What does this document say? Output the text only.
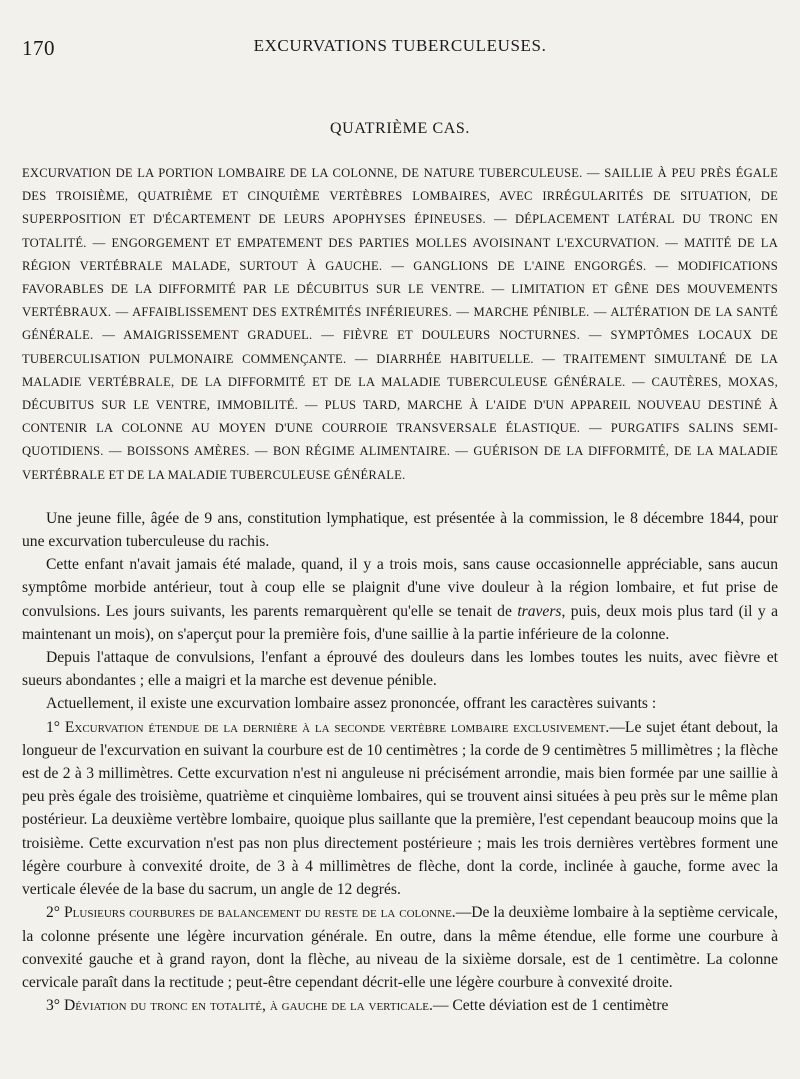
170	EXCURVATIONS TUBERCULEUSES.
QUATRIÈME CAS.
EXCURVATION DE LA PORTION LOMBAIRE DE LA COLONNE, DE NATURE TUBERCULEUSE. — SAILLIE À PEU PRÈS ÉGALE DES TROISIÈME, QUATRIÈME ET CINQUIÈME VERTÈBRES LOMBAIRES, AVEC IRRÉGULARITÉS DE SITUATION, DE SUPERPOSITION ET D'ÉCARTEMENT DE LEURS APOPHYSES ÉPINEUSES. — DÉPLACEMENT LATÉRAL DU TRONC EN TOTALITÉ. — ENGORGEMENT ET EMPATEMENT DES PARTIES MOLLES AVOISINANT L'EXCURVATION. — MATITÉ DE LA RÉGION VERTÉBRALE MALADE, SURTOUT À GAUCHE. — GANGLIONS DE L'AINE ENGORGÉS. — MODIFICATIONS FAVORABLES DE LA DIFFORMITÉ PAR LE DÉCUBITUS SUR LE VENTRE. — LIMITATION ET GÊNE DES MOUVEMENTS VERTÉBRAUX. — AFFAIBLISSEMENT DES EXTRÉMITÉS INFÉRIEURES. — MARCHE PÉNIBLE. — ALTÉRATION DE LA SANTÉ GÉNÉRALE. — AMAIGRISSEMENT GRADUEL. — FIÈVRE ET DOULEURS NOCTURNES. — SYMPTÔMES LOCAUX DE TUBERCULISATION PULMONAIRE COMMENÇANTE. — DIARRHÉE HABITUELLE. — TRAITEMENT SIMULTANÉ DE LA MALADIE VERTÉBRALE, DE LA DIFFORMITÉ ET DE LA MALADIE TUBERCULEUSE GÉNÉRALE. — CAUTÈRES, MOXAS, DÉCUBITUS SUR LE VENTRE, IMMOBILITÉ. — PLUS TARD, MARCHE À L'AIDE D'UN APPAREIL NOUVEAU DESTINÉ À CONTENIR LA COLONNE AU MOYEN D'UNE COURROIE TRANSVERSALE ÉLASTIQUE. — PURGATIFS SALINS SEMI-QUOTIDIENS. — BOISSONS AMÈRES. — BON RÉGIME ALIMENTAIRE. — GUÉRISON DE LA DIFFORMITÉ, DE LA MALADIE VERTÉBRALE ET DE LA MALADIE TUBERCULEUSE GÉNÉRALE.

Une jeune fille, âgée de 9 ans, constitution lymphatique, est présentée à la commission, le 8 décembre 1844, pour une excurvation tuberculeuse du rachis.

Cette enfant n'avait jamais été malade, quand, il y a trois mois, sans cause occasionnelle appréciable, sans aucun symptôme morbide antérieur, tout à coup elle se plaignit d'une vive douleur à la région lombaire, et fut prise de convulsions. Les jours suivants, les parents remarquèrent qu'elle se tenait de travers, puis, deux mois plus tard (il y a maintenant un mois), on s'aperçut pour la première fois, d'une saillie à la partie inférieure de la colonne.

Depuis l'attaque de convulsions, l'enfant a éprouvé des douleurs dans les lombes toutes les nuits, avec fièvre et sueurs abondantes ; elle a maigri et la marche est devenue pénible.

Actuellement, il existe une excurvation lombaire assez prononcée, offrant les caractères suivants :

1° Excurvation étendue de la dernière à la seconde vertèbre lombaire exclusivement.—Le sujet étant debout, la longueur de l'excurvation en suivant la courbure est de 10 centimètres ; la corde de 9 centimètres 5 millimètres ; la flèche est de 2 à 3 millimètres. Cette excurvation n'est ni anguleuse ni précisément arrondie, mais bien formée par une saillie à peu près égale des troisième, quatrième et cinquième lombaires, qui se trouvent ainsi situées à peu près sur le même plan postérieur. La deuxième vertèbre lombaire, quoique plus saillante que la première, l'est cependant beaucoup moins que la troisième. Cette excurvation n'est pas non plus directement postérieure ; mais les trois dernières vertèbres forment une légère courbure à convexité droite, de 3 à 4 millimètres de flèche, dont la corde, inclinée à gauche, forme avec la verticale élevée de la base du sacrum, un angle de 12 degrés.

2° Plusieurs courbures de balancement du reste de la colonne.—De la deuxième lombaire à la septième cervicale, la colonne présente une légère incurvation générale. En outre, dans la même étendue, elle forme une courbure à convexité gauche et à grand rayon, dont la flèche, au niveau de la sixième dorsale, est de 1 centimètre. La colonne cervicale paraît dans la rectitude ; peut-être cependant décrit-elle une légère courbure à convexité droite.

3° Déviation du tronc en totalité, à gauche de la verticale.— Cette déviation est de 1 centimètre
